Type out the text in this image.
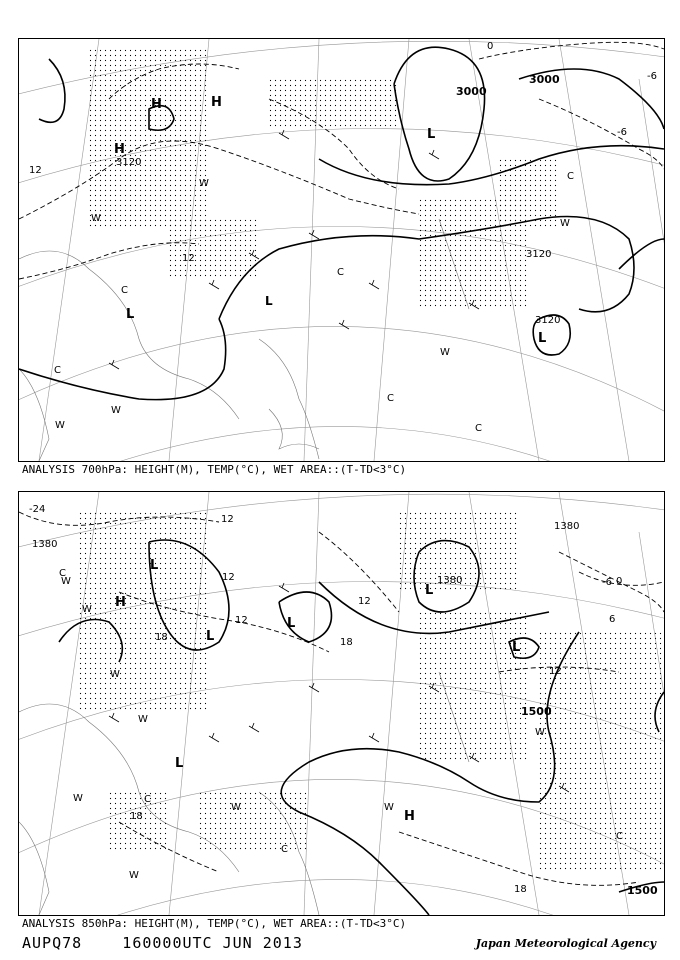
3000
3000
3120
3120
3120
H	H
L
L
L
L
H
12
12
0
-6
-6
W
W
W
W
W
W
C
C
C
C
C
C
ANALYSIS 700hPa: HEIGHT(M), TEMP(°C), WET AREA::(T-TD<3°C)
1380
1380
1380
1500
1500
L
H
L
L
L
L
L
H
-24
12
12
12
18	18
18
12
-6 0
6
18
12
W
W
W
W
W
W	W
W
W
C
C
C
C
ANALYSIS 850hPa: HEIGHT(M), TEMP(°C), WET AREA::(T-TD<3°C)
AUPQ78    160000UTC JUN 2013	Japan Meteorological Agency
